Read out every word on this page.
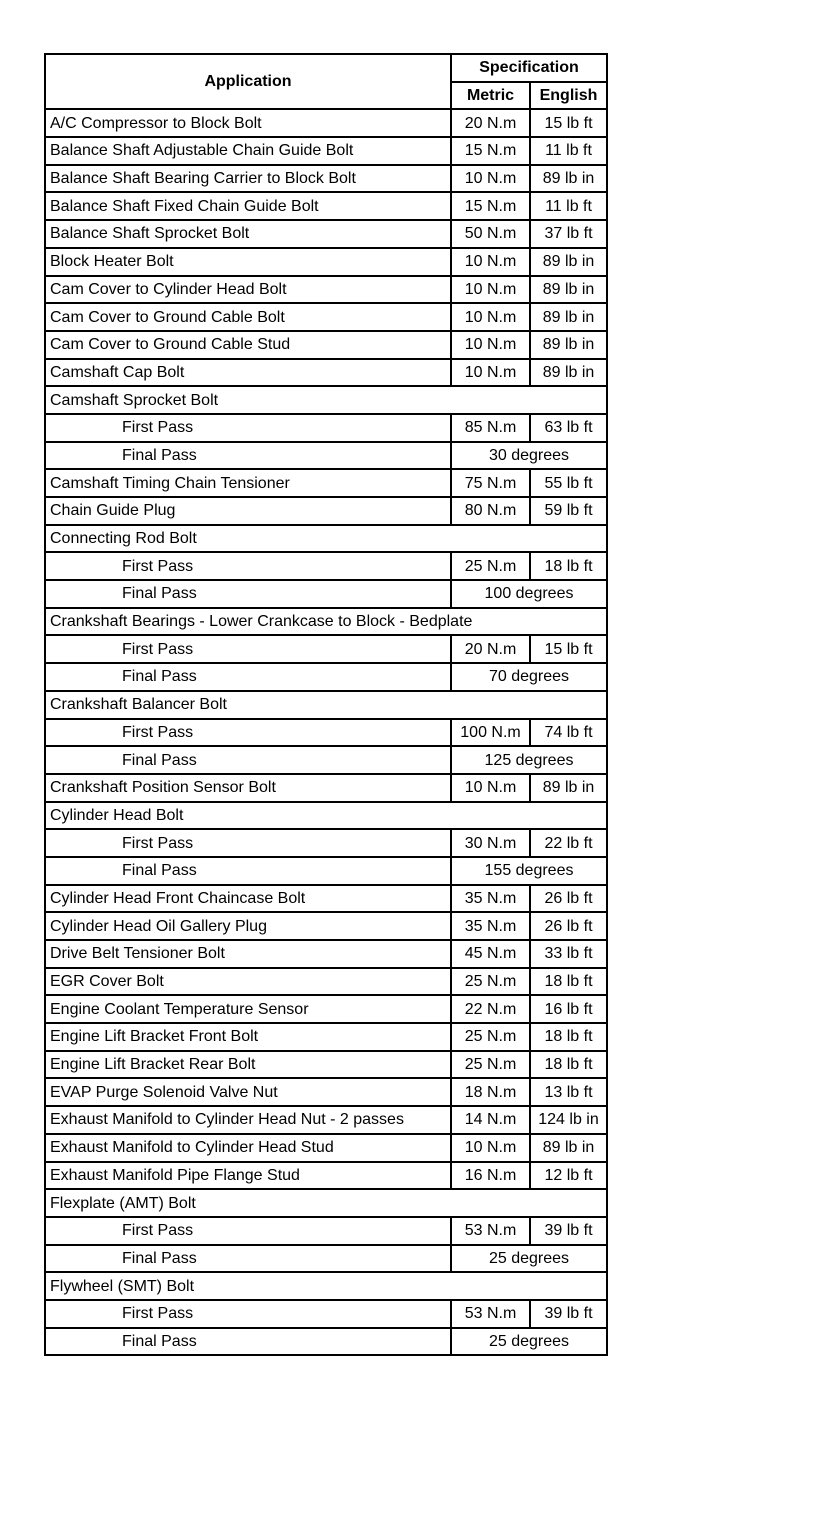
Application	Specification	
	Metric	English
A/C Compressor to Block Bolt	20 N.m	15 lb ft
Balance Shaft Adjustable Chain Guide Bolt	15 N.m	11 lb ft
Balance Shaft Bearing Carrier to Block Bolt	10 N.m	89 lb in
Balance Shaft Fixed Chain Guide Bolt	15 N.m	11 lb ft
Balance Shaft Sprocket Bolt	50 N.m	37 lb ft
Block Heater Bolt	10 N.m	89 lb in
Cam Cover to Cylinder Head Bolt	10 N.m	89 lb in
Cam Cover to Ground Cable Bolt	10 N.m	89 lb in
Cam Cover to Ground Cable Stud	10 N.m	89 lb in
Camshaft Cap Bolt	10 N.m	89 lb in
Camshaft Sprocket Bolt		
First Pass	85 N.m	63 lb ft
Final Pass	30 degrees	
Camshaft Timing Chain Tensioner	75 N.m	55 lb ft
Chain Guide Plug	80 N.m	59 lb ft
Connecting Rod Bolt		
First Pass	25 N.m	18 lb ft
Final Pass	100 degrees	
Crankshaft Bearings - Lower Crankcase to Block - Bedplate		
First Pass	20 N.m	15 lb ft
Final Pass	70 degrees	
Crankshaft Balancer Bolt		
First Pass	100 N.m	74 lb ft
Final Pass	125 degrees	
Crankshaft Position Sensor Bolt	10 N.m	89 lb in
Cylinder Head Bolt		
First Pass	30 N.m	22 lb ft
Final Pass	155 degrees	
Cylinder Head Front Chaincase Bolt	35 N.m	26 lb ft
Cylinder Head Oil Gallery Plug	35 N.m	26 lb ft
Drive Belt Tensioner Bolt	45 N.m	33 lb ft
EGR Cover Bolt	25 N.m	18 lb ft
Engine Coolant Temperature Sensor	22 N.m	16 lb ft
Engine Lift Bracket Front Bolt	25 N.m	18 lb ft
Engine Lift Bracket Rear Bolt	25 N.m	18 lb ft
EVAP Purge Solenoid Valve Nut	18 N.m	13 lb ft
Exhaust Manifold to Cylinder Head Nut - 2 passes	14 N.m	124 lb in
Exhaust Manifold to Cylinder Head Stud	10 N.m	89 lb in
Exhaust Manifold Pipe Flange Stud	16 N.m	12 lb ft
Flexplate (AMT) Bolt		
First Pass	53 N.m	39 lb ft
Final Pass	25 degrees	
Flywheel (SMT) Bolt		
First Pass	53 N.m	39 lb ft
Final Pass	25 degrees	
